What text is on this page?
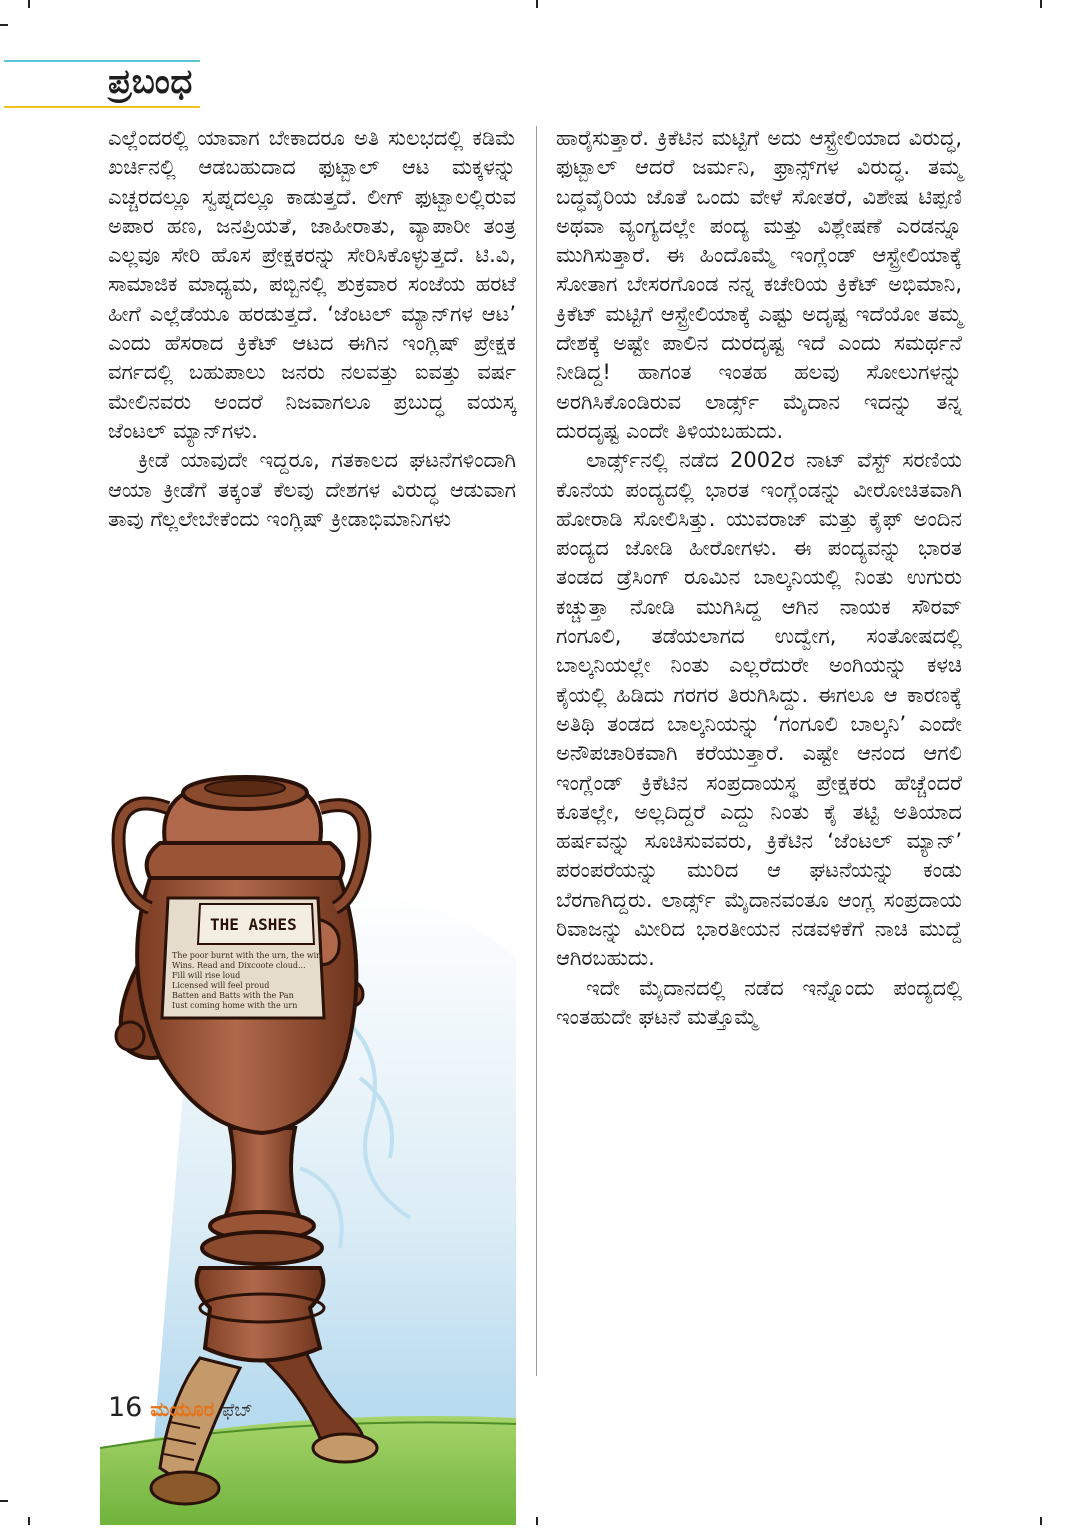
ಪ್ರಬಂಧ
THE ASHES
The poor burnt with the urn, the win
Wins. Read and Dixcoote cloud...
Fill will rise loud
Licensed will feel proud
Batten and Batts with the Pan
Iust coming home with the urn

ಎಲ್ಲೆಂದರಲ್ಲಿ ಯಾವಾಗ ಬೇಕಾದರೂ ಅತಿ ಸುಲಭದಲ್ಲಿ ಕಡಿಮೆ ಖರ್ಚಿನಲ್ಲಿ ಆಡಬಹುದಾದ ಫುಟ್ಬಾಲ್ ಆಟ ಮಕ್ಕಳನ್ನು ಎಚ್ಚರದಲ್ಲೂ ಸ್ವಪ್ನದಲ್ಲೂ ಕಾಡುತ್ತದೆ. ಲೀಗ್ ಫುಟ್ಬಾಲಲ್ಲಿರುವ ಅಪಾರ ಹಣ, ಜನಪ್ರಿಯತೆ, ಜಾಹೀರಾತು, ವ್ಯಾಪಾರೀ ತಂತ್ರ ಎಲ್ಲವೂ ಸೇರಿ ಹೊಸ ಪ್ರೇಕ್ಷಕರನ್ನು ಸೇರಿಸಿಕೊಳ್ಳುತ್ತದೆ. ಟಿ.ವಿ, ಸಾಮಾಜಿಕ ಮಾಧ್ಯಮ, ಪಬ್ಬಿನಲ್ಲಿ ಶುಕ್ರವಾರ ಸಂಜೆಯ ಹರಟೆ ಹೀಗೆ ಎಲ್ಲೆಡೆಯೂ ಹರಡುತ್ತದೆ. ‘ಜೆಂಟಲ್ ಮ್ಯಾನ್‌ಗಳ ಆಟ’ ಎಂದು ಹೆಸರಾದ ಕ್ರಿಕೆಟ್ ಆಟದ ಈಗಿನ ಇಂಗ್ಲಿಷ್ ಪ್ರೇಕ್ಷಕ ವರ್ಗದಲ್ಲಿ ಬಹುಪಾಲು ಜನರು ನಲವತ್ತು ಐವತ್ತು ವರ್ಷ ಮೇಲಿನವರು ಅಂದರೆ ನಿಜವಾಗಲೂ ಪ್ರಬುದ್ಧ ವಯಸ್ಕ ಜೆಂಟಲ್ ಮ್ಯಾನ್‌ಗಳು.

ಕ್ರೀಡೆ ಯಾವುದೇ ಇದ್ದರೂ, ಗತಕಾಲದ ಘಟನೆಗಳಿಂದಾಗಿ ಆಯಾ ಕ್ರೀಡೆಗೆ ತಕ್ಕಂತೆ ಕೆಲವು ದೇಶಗಳ ವಿರುದ್ಧ ಆಡುವಾಗ ತಾವು ಗೆಲ್ಲಲೇಬೇಕೆಂದು ಇಂಗ್ಲಿಷ್ ಕ್ರೀಡಾಭಿಮಾನಿಗಳು

ಹಾರೈಸುತ್ತಾರೆ. ಕ್ರಿಕೆಟಿನ ಮಟ್ಟಿಗೆ ಅದು ಆಸ್ಟ್ರೇಲಿಯಾದ ವಿರುದ್ಧ, ಫುಟ್ಬಾಲ್ ಆದರೆ ಜರ್ಮನಿ, ಫ್ರಾನ್ಸ್‌ಗಳ ವಿರುದ್ಧ. ತಮ್ಮ ಬದ್ಧವೈರಿಯ ಜೊತೆ ಒಂದು ವೇಳೆ ಸೋತರೆ, ವಿಶೇಷ ಟಿಪ್ಪಣಿ ಅಥವಾ ವ್ಯಂಗ್ಯದಲ್ಲೇ ಪಂದ್ಯ ಮತ್ತು ವಿಶ್ಲೇಷಣೆ ಎರಡನ್ನೂ ಮುಗಿಸುತ್ತಾರೆ. ಈ ಹಿಂದೊಮ್ಮೆ ಇಂಗ್ಲೆಂಡ್ ಆಸ್ಟ್ರೇಲಿಯಾಕ್ಕೆ ಸೋತಾಗ ಬೇಸರಗೊಂಡ ನನ್ನ ಕಚೇರಿಯ ಕ್ರಿಕೆಟ್ ಅಭಿಮಾನಿ, ಕ್ರಿಕೆಟ್ ಮಟ್ಟಿಗೆ ಆಸ್ಟ್ರೇಲಿಯಾಕ್ಕೆ ಎಷ್ಟು ಅದೃಷ್ಟ ಇದೆಯೋ ತಮ್ಮ ದೇಶಕ್ಕೆ ಅಷ್ಟೇ ಪಾಲಿನ ದುರದೃಷ್ಟ ಇದೆ ಎಂದು ಸಮರ್ಥನೆ ನೀಡಿದ್ದ! ಹಾಗಂತ ಇಂತಹ ಹಲವು ಸೋಲುಗಳನ್ನು ಅರಗಿಸಿಕೊಂಡಿರುವ ಲಾರ್ಡ್ಸ್ ಮೈದಾನ ಇದನ್ನು ತನ್ನ ದುರದೃಷ್ಟ ಎಂದೇ ತಿಳಿಯಬಹುದು.

ಲಾರ್ಡ್ಸ್‌ನಲ್ಲಿ ನಡೆದ 2002ರ ನಾಟ್ ವೆಸ್ಟ್ ಸರಣಿಯ ಕೊನೆಯ ಪಂದ್ಯದಲ್ಲಿ ಭಾರತ ಇಂಗ್ಲೆಂಡನ್ನು ವೀರೋಚಿತವಾಗಿ ಹೋರಾಡಿ ಸೋಲಿಸಿತ್ತು. ಯುವರಾಜ್ ಮತ್ತು ಕೈಫ್ ಅಂದಿನ ಪಂದ್ಯದ ಜೋಡಿ ಹೀರೋಗಳು. ಈ ಪಂದ್ಯವನ್ನು ಭಾರತ ತಂಡದ ಡ್ರೆಸಿಂಗ್ ರೂಮಿನ ಬಾಲ್ಕನಿಯಲ್ಲಿ ನಿಂತು ಉಗುರು ಕಚ್ಚುತ್ತಾ ನೋಡಿ ಮುಗಿಸಿದ್ದ ಆಗಿನ ನಾಯಕ ಸೌರವ್ ಗಂಗೂಲಿ, ತಡೆಯಲಾಗದ ಉದ್ವೇಗ, ಸಂತೋಷದಲ್ಲಿ ಬಾಲ್ಕನಿಯಲ್ಲೇ ನಿಂತು ಎಲ್ಲರೆದುರೇ ಅಂಗಿಯನ್ನು ಕಳಚಿ ಕೈಯಲ್ಲಿ ಹಿಡಿದು ಗರಗರ ತಿರುಗಿಸಿದ್ದು. ಈಗಲೂ ಆ ಕಾರಣಕ್ಕೆ ಅತಿಥಿ ತಂಡದ ಬಾಲ್ಕನಿಯನ್ನು ‘ಗಂಗೂಲಿ ಬಾಲ್ಕನಿ’ ಎಂದೇ ಅನೌಪಚಾರಿಕವಾಗಿ ಕರೆಯುತ್ತಾರೆ. ಎಷ್ಟೇ ಆನಂದ ಆಗಲಿ ಇಂಗ್ಲೆಂಡ್ ಕ್ರಿಕೆಟಿನ ಸಂಪ್ರದಾಯಸ್ಥ ಪ್ರೇಕ್ಷಕರು ಹೆಚ್ಚೆಂದರೆ ಕೂತಲ್ಲೇ, ಅಲ್ಲದಿದ್ದರೆ ಎದ್ದು ನಿಂತು ಕೈ ತಟ್ಟಿ ಅತಿಯಾದ ಹರ್ಷವನ್ನು ಸೂಚಿಸುವವರು, ಕ್ರಿಕೆಟಿನ ‘ಜೆಂಟಲ್ ಮ್ಯಾನ್’ ಪರಂಪರೆಯನ್ನು ಮುರಿದ ಆ ಘಟನೆಯನ್ನು ಕಂಡು ಬೆರಗಾಗಿದ್ದರು. ಲಾರ್ಡ್ಸ್ ಮೈದಾನವಂತೂ ಆಂಗ್ಲ ಸಂಪ್ರದಾಯ ರಿವಾಜನ್ನು ಮೀರಿದ ಭಾರತೀಯನ ನಡವಳಿಕೆಗೆ ನಾಚಿ ಮುದ್ದೆ ಆಗಿರಬಹುದು.

ಇದೇ ಮೈದಾನದಲ್ಲಿ ನಡೆದ ಇನ್ನೊಂದು ಪಂದ್ಯದಲ್ಲಿ ಇಂತಹುದೇ ಘಟನೆ ಮತ್ತೊಮ್ಮೆ

16 ಮಯೂರ ಫೆಬ್
